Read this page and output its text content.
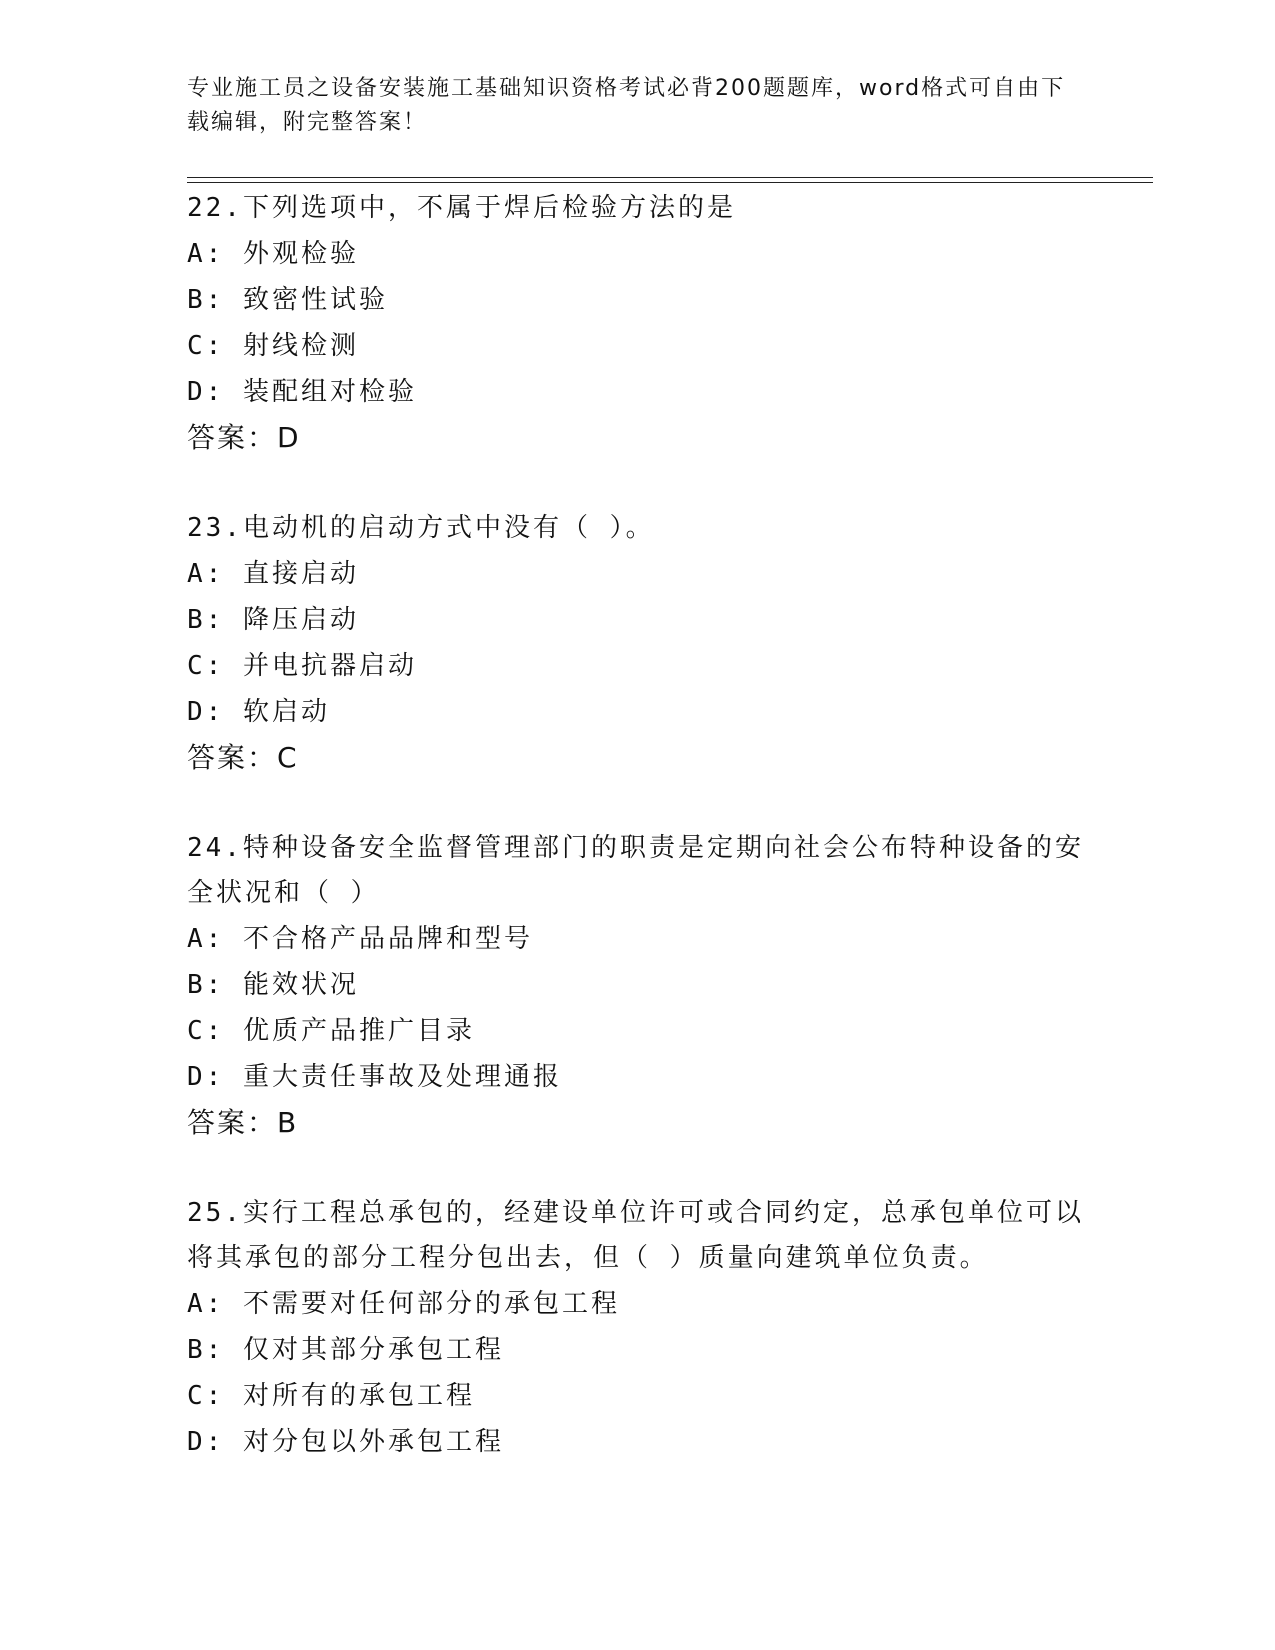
专业施工员之设备安装施工基础知识资格考试必背200题题库，word格式可自由下载编辑，附完整答案！
22.下列选项中，不属于焊后检验方法的是
A: 外观检验
B: 致密性试验
C: 射线检测
D: 装配组对检验
答案：D
23.电动机的启动方式中没有（ ）。
A: 直接启动
B: 降压启动
C: 并电抗器启动
D: 软启动
答案：C
24.特种设备安全监督管理部门的职责是定期向社会公布特种设备的安全状况和（ ）
A: 不合格产品品牌和型号
B: 能效状况
C: 优质产品推广目录
D: 重大责任事故及处理通报
答案：B
25.实行工程总承包的，经建设单位许可或合同约定，总承包单位可以将其承包的部分工程分包出去，但（ ）质量向建筑单位负责。
A: 不需要对任何部分的承包工程
B: 仅对其部分承包工程
C: 对所有的承包工程
D: 对分包以外承包工程
